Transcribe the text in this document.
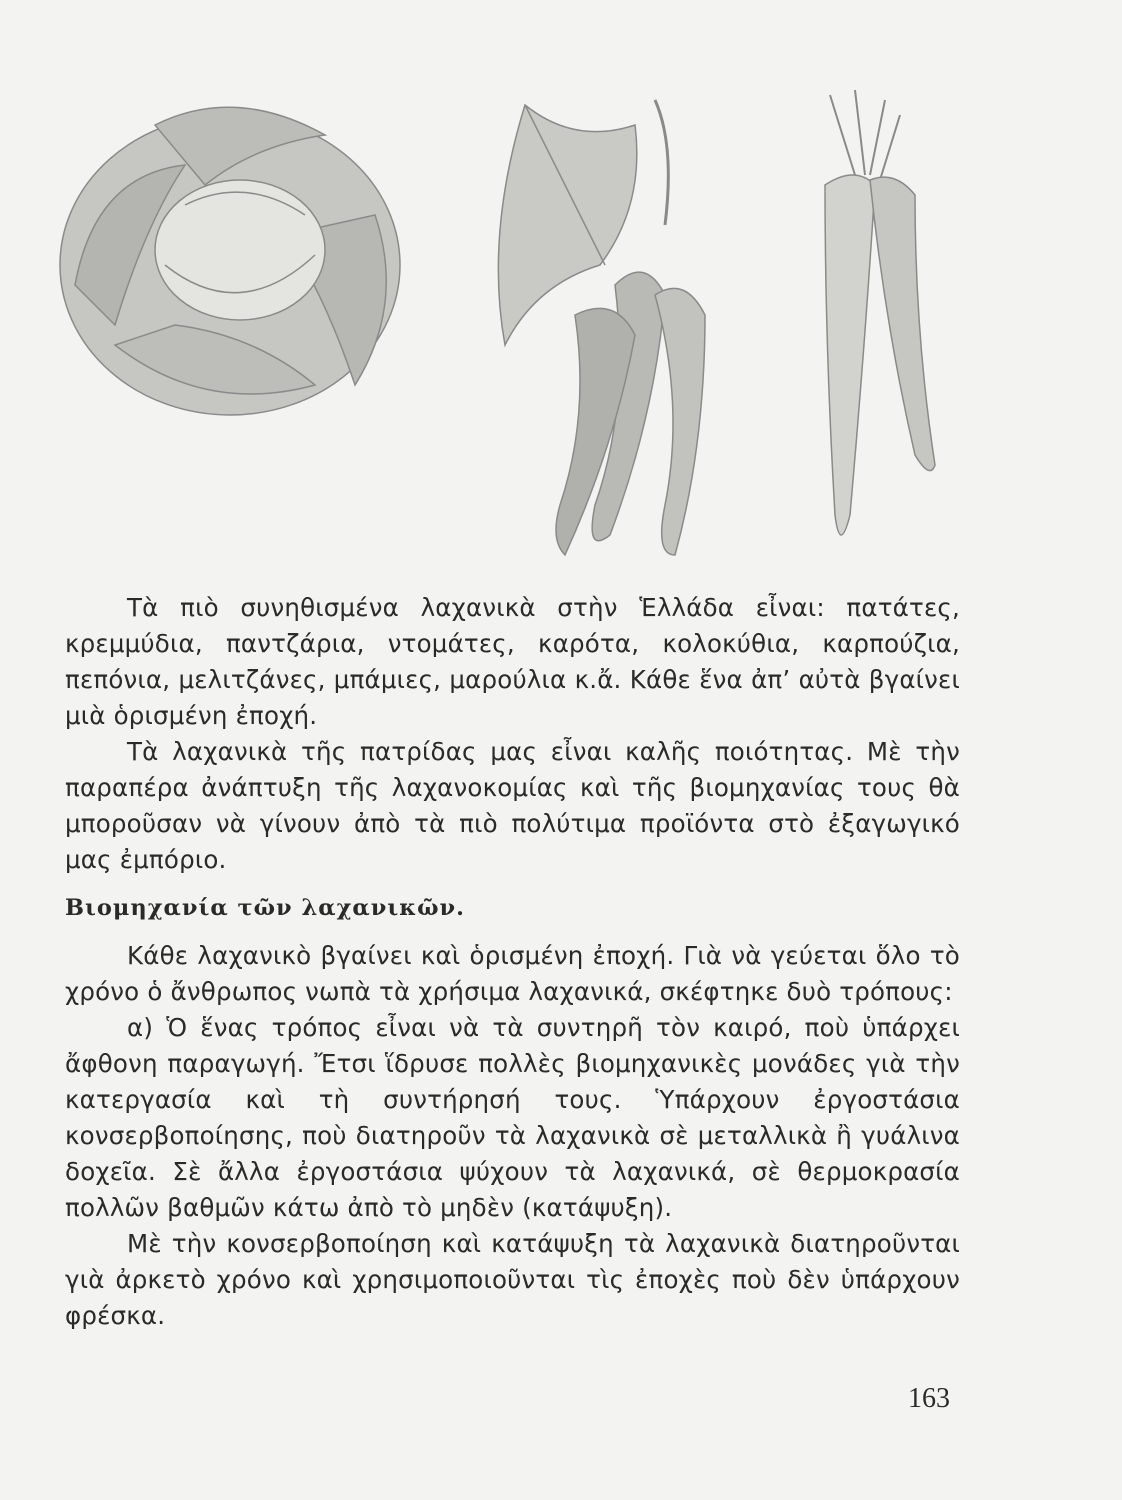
Τὰ πιὸ συνηθισμένα λαχανικὰ στὴν Ἑλλάδα εἶναι: πατάτες, κρεμμύδια, παντζάρια, ντομάτες, καρότα, κολοκύθια, καρπούζια, πεπόνια, μελιτζάνες, μπάμιες, μαρούλια κ.ἄ. Κάθε ἕνα ἀπ’ αὐτὰ βγαίνει μιὰ ὁρισμένη ἐποχή.

Τὰ λαχανικὰ τῆς πατρίδας μας εἶναι καλῆς ποιότητας. Μὲ τὴν παραπέρα ἀνάπτυξη τῆς λαχανοκομίας καὶ τῆς βιομηχανίας τους θὰ μποροῦσαν νὰ γίνουν ἀπὸ τὰ πιὸ πολύτιμα προϊόντα στὸ ἐξαγωγικό μας ἐμπόριο.

Βιομηχανία τῶν λαχανικῶν.

Κάθε λαχανικὸ βγαίνει καὶ ὁρισμένη ἐποχή. Γιὰ νὰ γεύεται ὅλο τὸ χρόνο ὁ ἄνθρωπος νωπὰ τὰ χρήσιμα λαχανικά, σκέφτηκε δυὸ τρόπους:

α) Ὁ ἕνας τρόπος εἶναι νὰ τὰ συντηρῆ τὸν καιρό, ποὺ ὑπάρχει ἄφθονη παραγωγή. Ἔτσι ἵδρυσε πολλὲς βιομηχανικὲς μονάδες γιὰ τὴν κατεργασία καὶ τὴ συντήρησή τους. Ὑπάρχουν ἐργοστάσια κονσερβοποίησης, ποὺ διατηροῦν τὰ λαχανικὰ σὲ μεταλλικὰ ἢ γυάλινα δοχεῖα. Σὲ ἄλλα ἐργοστάσια ψύχουν τὰ λαχανικά, σὲ θερμοκρασία πολλῶν βαθμῶν κάτω ἀπὸ τὸ μηδὲν (κατάψυξη).

Μὲ τὴν κονσερβοποίηση καὶ κατάψυξη τὰ λαχανικὰ διατηροῦνται γιὰ ἀρκετὸ χρόνο καὶ χρησιμοποιοῦνται τὶς ἐποχὲς ποὺ δὲν ὑπάρχουν φρέσκα.

163
